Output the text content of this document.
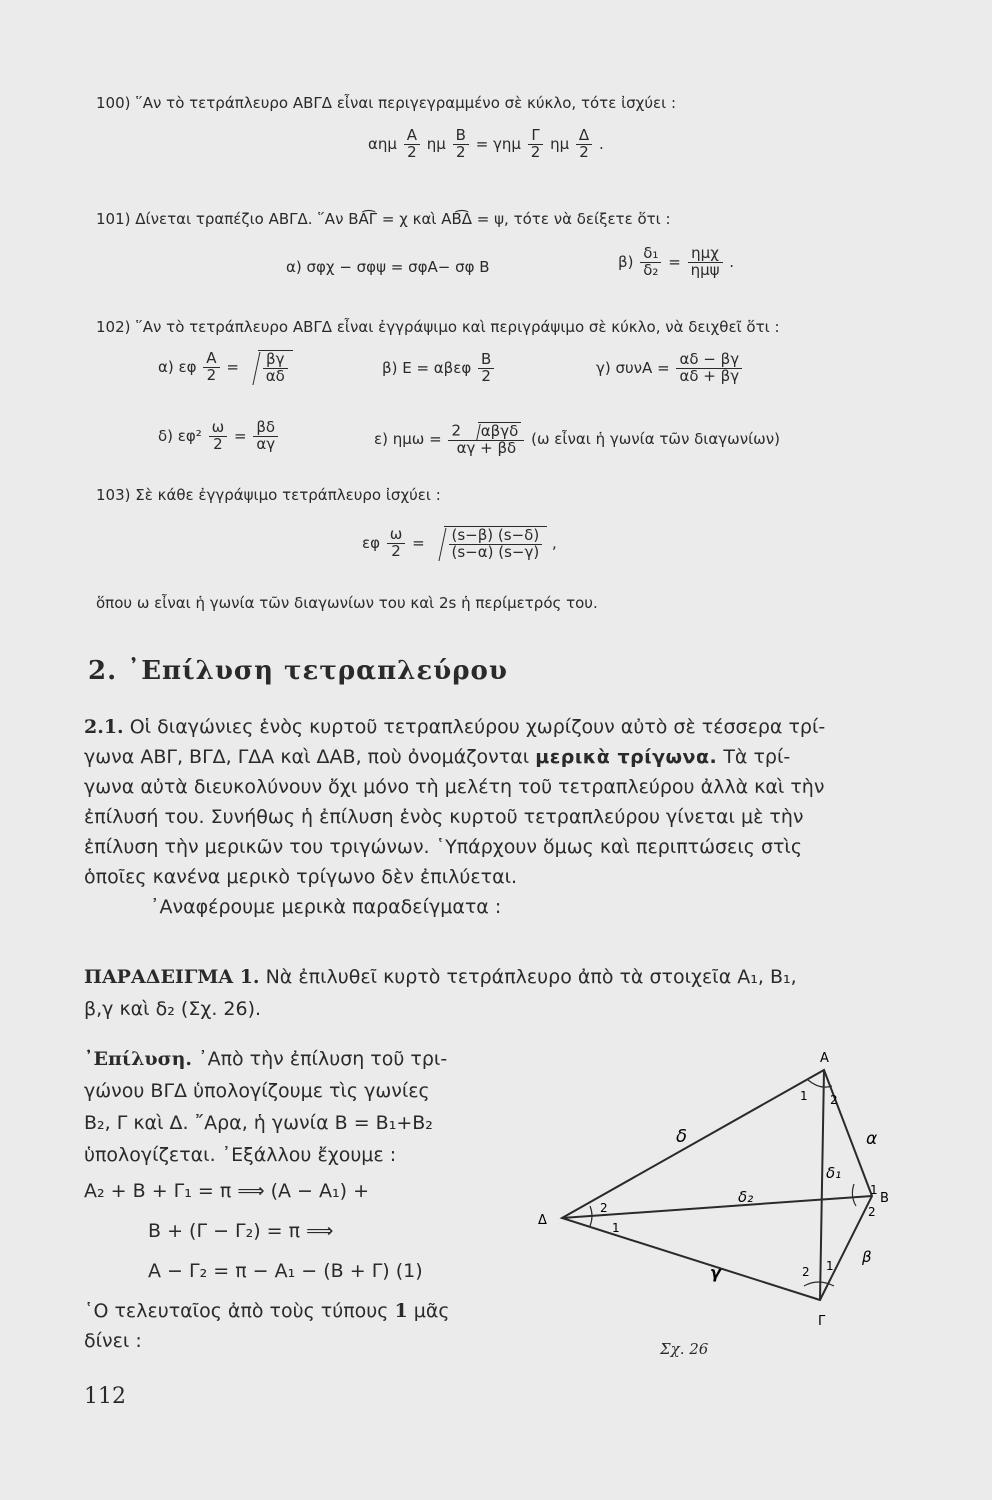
100) ῞Αν τὸ τετράπλευρο ΑΒΓΔ εἶναι περιγεγραμμένο σὲ κύκλο, τότε ἰσχύει :
αημ $\frac{A}{2}$ ημ $\frac{B}{2} = \gamma\eta\mu \frac{\Gamma}{2}$ ημ $\frac{\Delta}{2}$ .
101) Δίνεται τραπέζιο ΑΒΓΔ. ῞Αν ΒΑ͡Γ = χ καὶ ΑΒ͡Δ = ψ, τότε νὰ δείξετε ὅτι :
α) σφχ − σφψ = σφΑ− σφ Β	$\beta) \frac{\text{δ₁}}{\text{δ₂}} = \frac{\text{ημχ}}{\text{ημψ}}$ .
102) ῞Αν τὸ τετράπλευρο ΑΒΓΔ εἶναι ἐγγράψιμο καὶ περιγράψιμο σὲ κύκλο, νὰ δειχθεῖ ὅτι :
α) εφ $\frac{A}{2} = \frac{\beta\gamma}{\alpha\delta}$	β) Ε = αβεφ $\frac{B}{2}$	γ) $\sigma\upsilon\nu A = \frac{\alpha\delta - \beta\gamma}{\alpha\delta + \beta\gamma}$
δ) $\varepsilon\varphi^2 \frac{\omega}{2} = \frac{\beta\delta}{\alpha\gamma}$	ε) $\eta\mu\omega = \frac{\text{2 αβγδ}}{\alpha\gamma + \beta\delta} (\omega$ εἶναι ἡ γωνία τῶν διαγωνίων)
103) Σὲ κάθε ἐγγράψιμο τετράπλευρο ἰσχύει :
εφ $\frac{\omega}{2} = \frac{(s-\beta) (s-\delta)}{(s-\alpha) (s-\gamma)}$ ,
ὅπου ω εἶναι ἡ γωνία τῶν διαγωνίων του καὶ 2s ἡ περίμετρός του.
2. ᾽Επίλυση τετραπλεύρου
2.1. Οἱ διαγώνιες ἑνὸς κυρτοῦ τετραπλεύρου χωρίζουν αὐτὸ σὲ τέσσερα τρί-
γωνα ΑΒΓ, ΒΓΔ, ΓΔΑ καὶ ΔΑΒ, ποὺ ὀνομάζονται μερικὰ τρίγωνα. Τὰ τρί-
γωνα αὐτὰ διευκολύνουν ὄχι μόνο τὴ μελέτη τοῦ τετραπλεύρου ἀλλὰ καὶ τὴν
ἐπίλυσή του. Συνήθως ἡ ἐπίλυση ἑνὸς κυρτοῦ τετραπλεύρου γίνεται μὲ τὴν
ἐπίλυση τὴν μερικῶν του τριγώνων. ῾Υπάρχουν ὅμως καὶ περιπτώσεις στὶς
ὁποῖες κανένα μερικὸ τρίγωνο δὲν ἐπιλύεται.
᾽Αναφέρουμε μερικὰ παραδείγματα :
ΠΑΡΑΔΕΙΓΜΑ 1. Νὰ ἐπιλυθεῖ κυρτὸ τετράπλευρο ἀπὸ τὰ στοιχεῖα Α₁, Β₁,
β,γ καὶ δ₂ (Σχ. 26).
᾽Επίλυση. ᾽Απὸ τὴν ἐπίλυση τοῦ τρι-
γώνου ΒΓΔ ὑπολογίζουμε τὶς γωνίες
Β₂, Γ καὶ Δ. ῎Αρα, ἡ γωνία Β = Β₁+Β₂
ὑπολογίζεται. ᾽Εξάλλου ἔχουμε :
Α₂ + Β + Γ₁ = π ⟹ (Α − Α₁) +
Β + (Γ − Γ₂) = π ⟹
Α − Γ₂ = π − Α₁ − (Β + Γ) (1)
῾Ο τελευταῖος ἀπὸ τοὺς τύπους 1 μᾶς
δίνει :
A
B
Γ
Δ
δ	α
β
γ
δ₁
δ₂
1 2
2
1
1
2
2 1
Σχ. 26
112
